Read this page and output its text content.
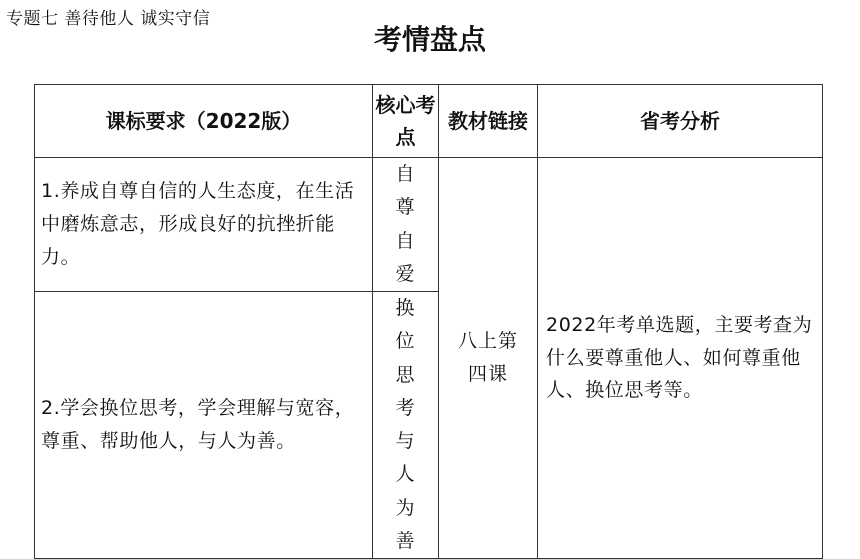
专题七 善待他人 诚实守信
考情盘点
课标要求（2022版）	核心考点	教材链接	省考分析
1.养成自尊自信的人生态度，在生活中磨炼意志，形成良好的抗挫折能力。	自尊自爱	八上第四课	2022年考单选题，主要考查为什么要尊重他人、如何尊重他人、换位思考等。
2.学会换位思考，学会理解与宽容，尊重、帮助他人，与人为善。	换位思考与人为善		
